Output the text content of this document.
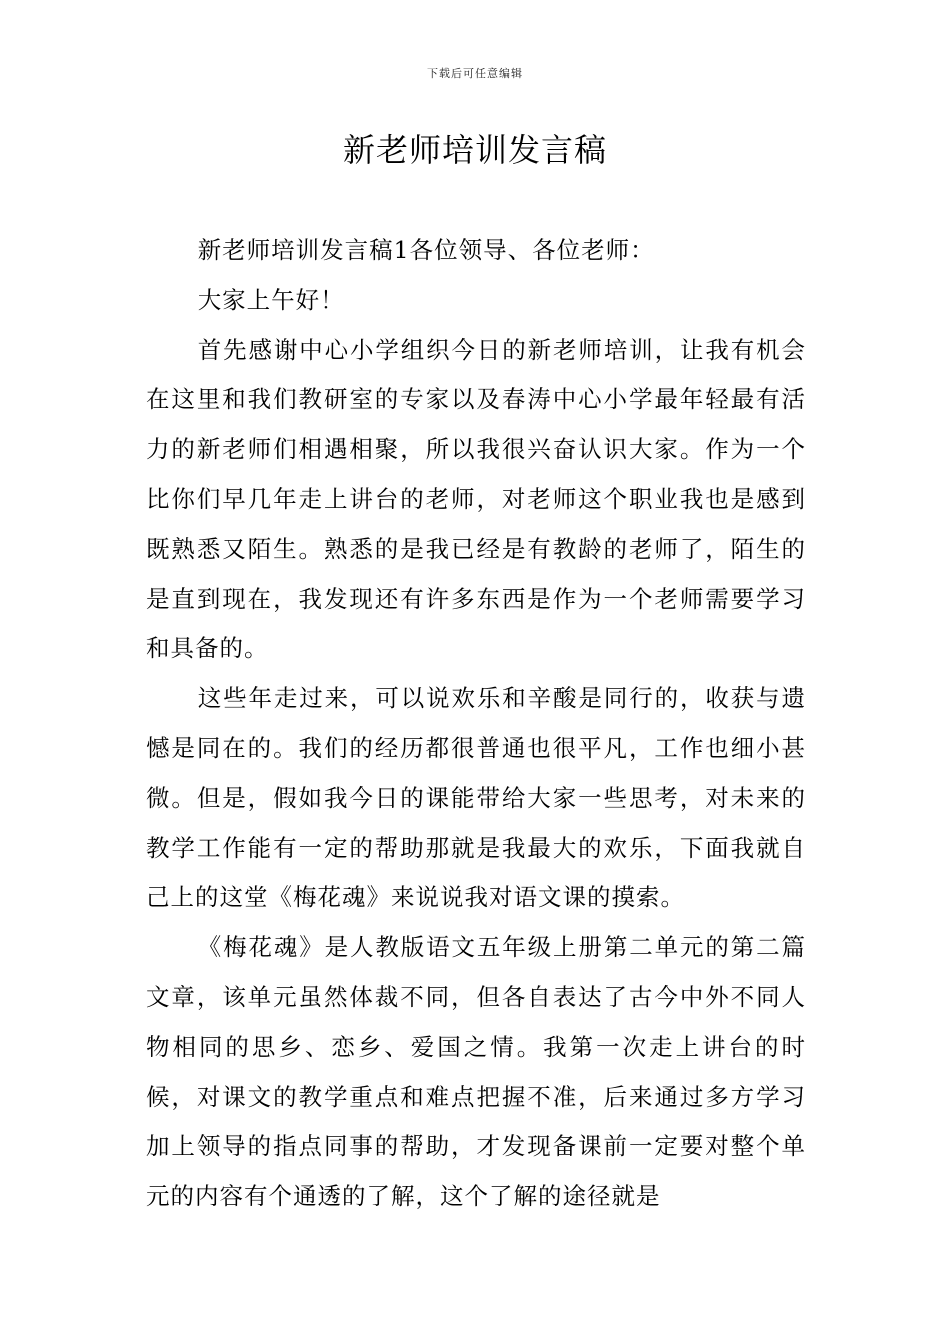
下载后可任意编辑
新老师培训发言稿

新老师培训发言稿1各位领导、各位老师：

大家上午好！

首先感谢中心小学组织今日的新老师培训，让我有机会在这里和我们教研室的专家以及春涛中心小学最年轻最有活力的新老师们相遇相聚，所以我很兴奋认识大家。作为一个比你们早几年走上讲台的老师，对老师这个职业我也是感到既熟悉又陌生。熟悉的是我已经是有教龄的老师了，陌生的是直到现在，我发现还有许多东西是作为一个老师需要学习和具备的。

这些年走过来，可以说欢乐和辛酸是同行的，收获与遗憾是同在的。我们的经历都很普通也很平凡，工作也细小甚微。但是，假如我今日的课能带给大家一些思考，对未来的教学工作能有一定的帮助那就是我最大的欢乐，下面我就自己上的这堂《梅花魂》来说说我对语文课的摸索。

《梅花魂》是人教版语文五年级上册第二单元的第二篇文章，该单元虽然体裁不同，但各自表达了古今中外不同人物相同的思乡、恋乡、爱国之情。我第一次走上讲台的时候，对课文的教学重点和难点把握不准，后来通过多方学习加上领导的指点同事的帮助，才发现备课前一定要对整个单元的内容有个通透的了解，这个了解的途径就是
